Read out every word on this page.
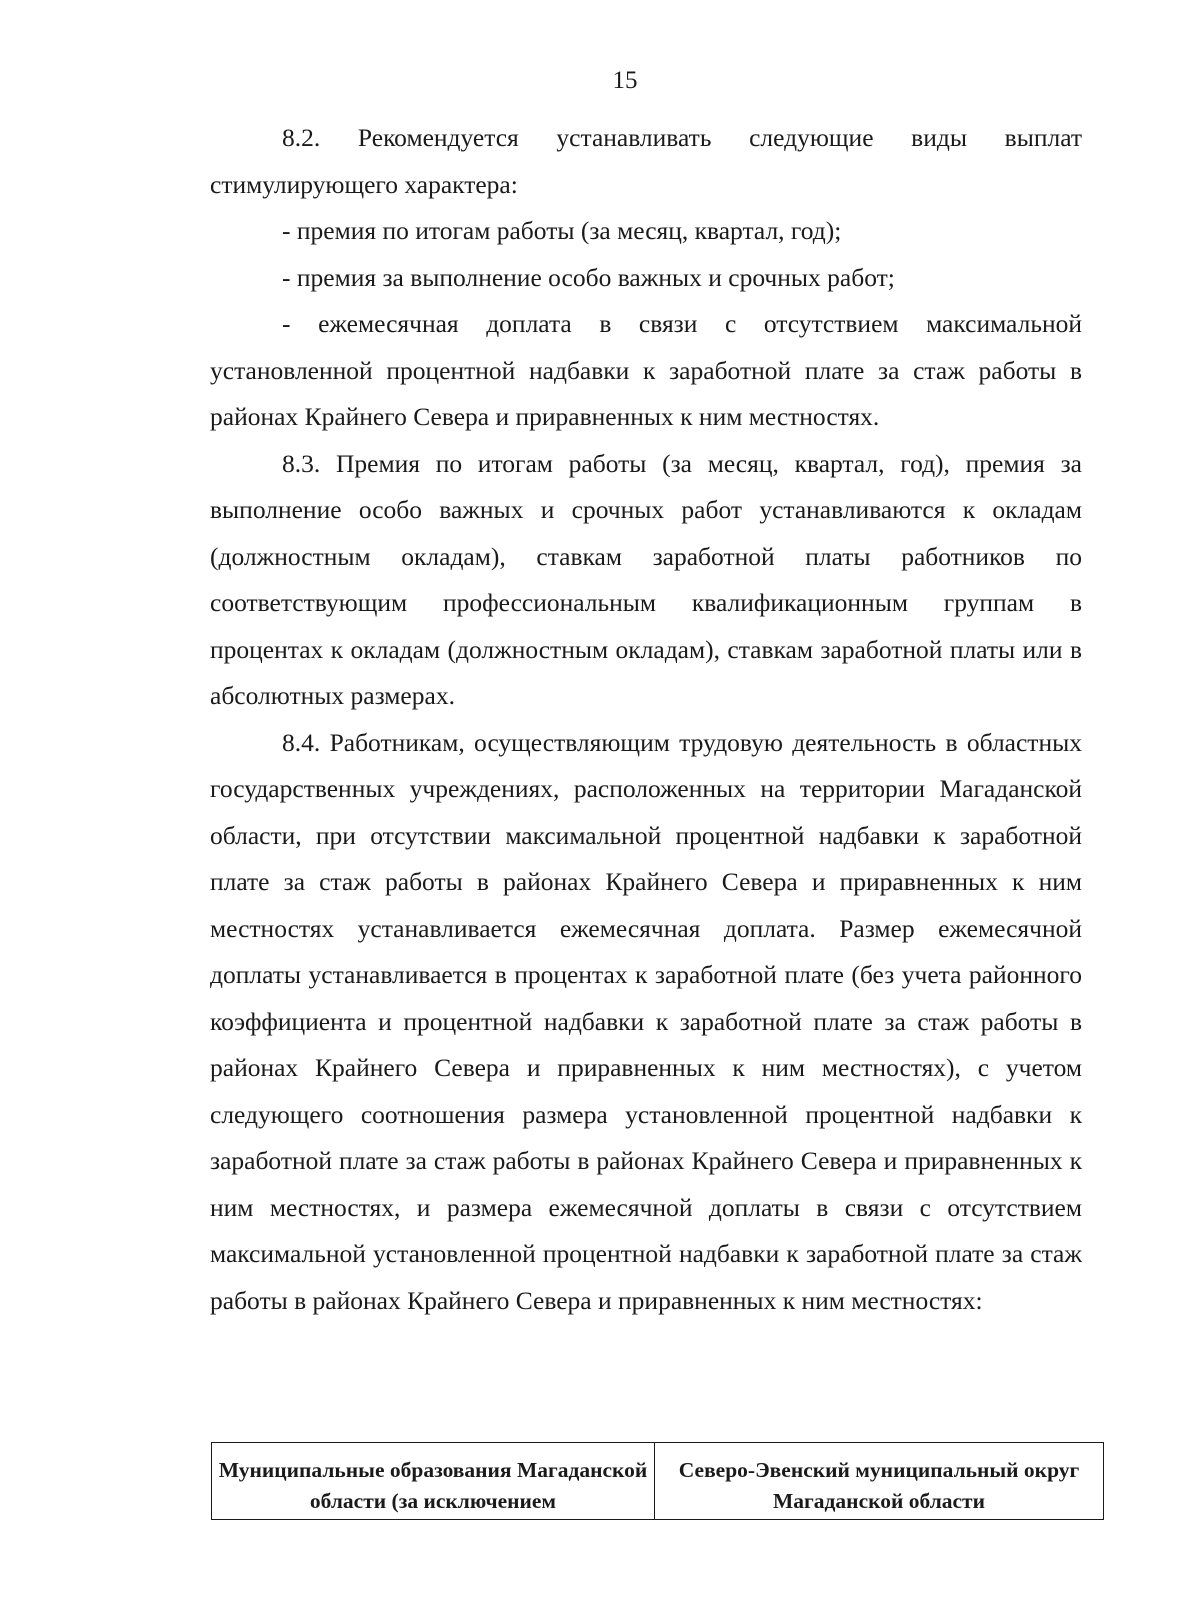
15

8.2. Рекомендуется устанавливать следующие виды выплат стимулирующего характера:

- премия по итогам работы (за месяц, квартал, год);

- премия за выполнение особо важных и срочных работ;

- ежемесячная доплата в связи с отсутствием максимальной установленной процентной надбавки к заработной плате за стаж работы в районах Крайнего Севера и приравненных к ним местностях.

8.3. Премия по итогам работы (за месяц, квартал, год), премия за выполнение особо важных и срочных работ устанавливаются к окладам (должностным окладам), ставкам заработной платы работников по соответствующим профессиональным квалификационным группам в процентах к окладам (должностным окладам), ставкам заработной платы или в абсолютных размерах.

8.4. Работникам, осуществляющим трудовую деятельность в областных государственных учреждениях, расположенных на территории Магаданской области, при отсутствии максимальной процентной надбавки к заработной плате за стаж работы в районах Крайнего Севера и приравненных к ним местностях устанавливается ежемесячная доплата. Размер ежемесячной доплаты устанавливается в процентах к заработной плате (без учета районного коэффициента и процентной надбавки к заработной плате за стаж работы в районах Крайнего Севера и приравненных к ним местностях), с учетом следующего соотношения размера установленной процентной надбавки к заработной плате за стаж работы в районах Крайнего Севера и приравненных к ним местностях, и размера ежемесячной доплаты в связи с отсутствием максимальной установленной процентной надбавки к заработной плате за стаж работы в районах Крайнего Севера и приравненных к ним местностях:

Муниципальные образования Магаданской области (за исключением	Северо-Эвенский муниципальный округ Магаданской области
